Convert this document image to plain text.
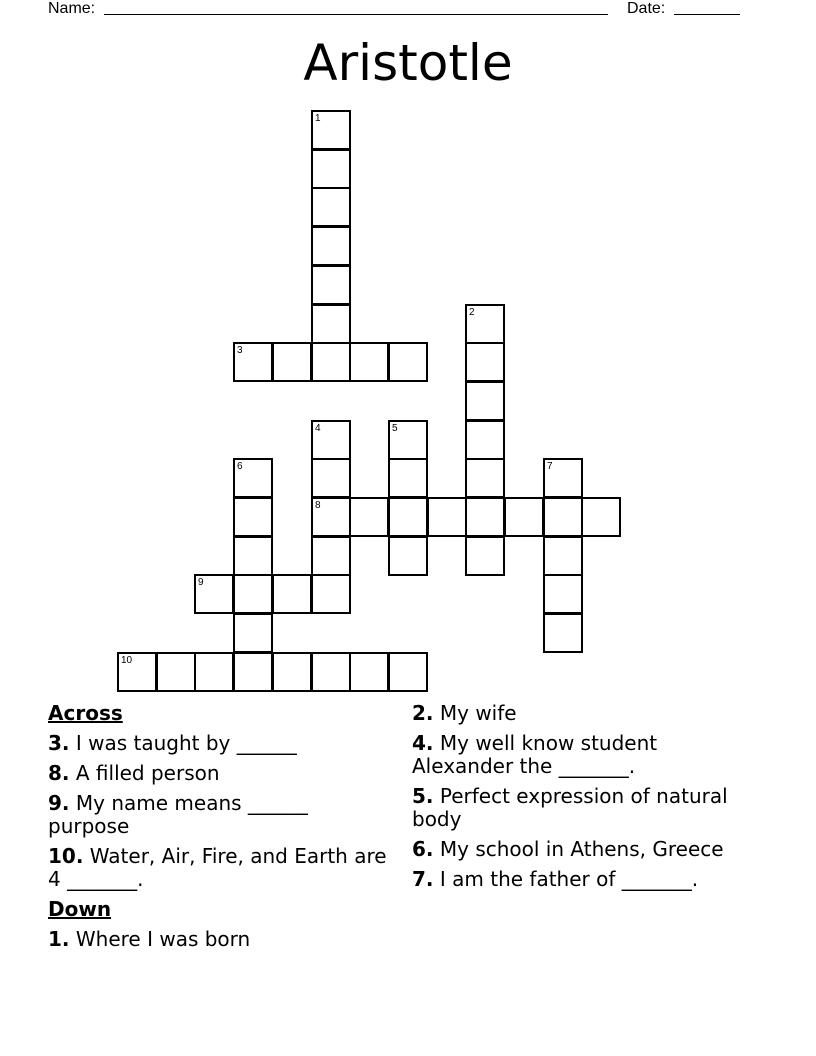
Name:	Date:
Aristotle
1
2
3
4
8
5
6	7
9
10
Across
3. I was taught by ______
8. A filled person
9. My name means ______ purpose
10. Water, Air, Fire, and Earth are 4 _______.
Down
1. Where I was born
2. My wife
4. My well know student Alexander the _______.
5. Perfect expression of natural body
6. My school in Athens, Greece
7. I am the father of _______.
